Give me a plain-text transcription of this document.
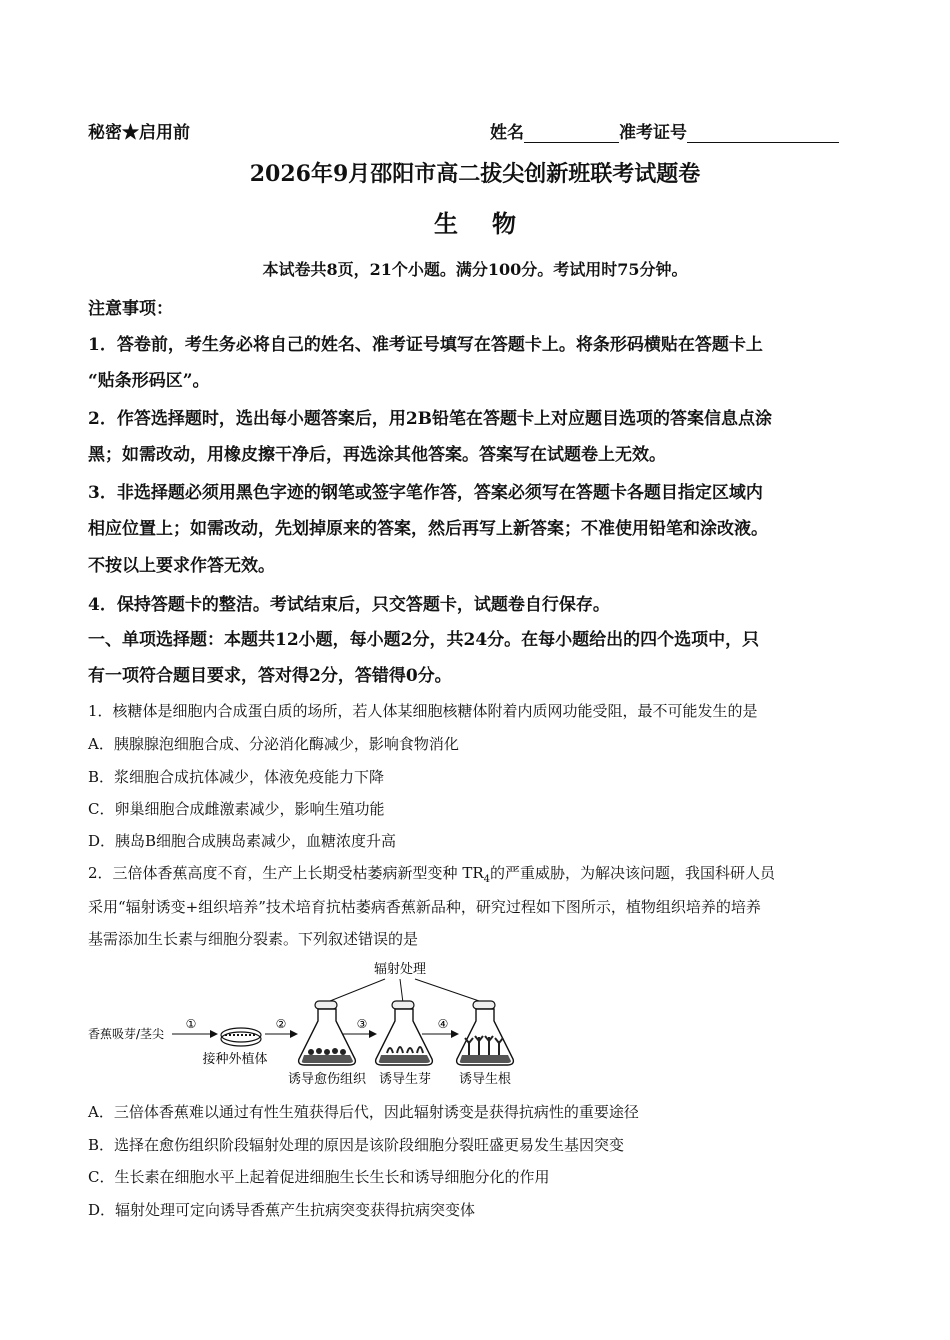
秘密★启用前	姓名	准考证号
2026年9月邵阳市高二拔尖创新班联考试题卷
生物
本试卷共8页，21个小题。满分100分。考试用时75分钟。
注意事项：
1．答卷前，考生务必将自己的姓名、准考证号填写在答题卡上。将条形码横贴在答题卡上
“贴条形码区”。
2．作答选择题时，选出每小题答案后，用2B铅笔在答题卡上对应题目选项的答案信息点涂
黑；如需改动，用橡皮擦干净后，再选涂其他答案。答案写在试题卷上无效。
3．非选择题必须用黑色字迹的钢笔或签字笔作答，答案必须写在答题卡各题目指定区域内
相应位置上；如需改动，先划掉原来的答案，然后再写上新答案；不准使用铅笔和涂改液。
不按以上要求作答无效。
4．保持答题卡的整洁。考试结束后，只交答题卡，试题卷自行保存。
一、单项选择题：本题共12小题，每小题2分，共24分。在每小题给出的四个选项中，只
有一项符合题目要求，答对得2分，答错得0分。
1．核糖体是细胞内合成蛋白质的场所，若人体某细胞核糖体附着内质网功能受阻，最不可能发生的是
A．胰腺腺泡细胞合成、分泌消化酶减少，影响食物消化
B．浆细胞合成抗体减少，体液免疫能力下降
C．卵巢细胞合成雌激素减少，影响生殖功能
D．胰岛B细胞合成胰岛素减少，血糖浓度升高
2．三倍体香蕉高度不育，生产上长期受枯萎病新型变种 $TR_4$的严重威胁，为解决该问题，我国科研人员
采用“辐射诱变+组织培养”技术培育抗枯萎病香蕉新品种，研究过程如下图所示，植物组织培养的培养
基需添加生长素与细胞分裂素。下列叙述错误的是
辐射处理
香蕉吸芽/茎尖
①
接种外植体
②
诱导愈伤组织
③
诱导生芽
④
诱导生根
A．三倍体香蕉难以通过有性生殖获得后代，因此辐射诱变是获得抗病性的重要途径
B．选择在愈伤组织阶段辐射处理的原因是该阶段细胞分裂旺盛更易发生基因突变
C．生长素在细胞水平上起着促进细胞生长生长和诱导细胞分化的作用
D．辐射处理可定向诱导香蕉产生抗病突变获得抗病突变体
